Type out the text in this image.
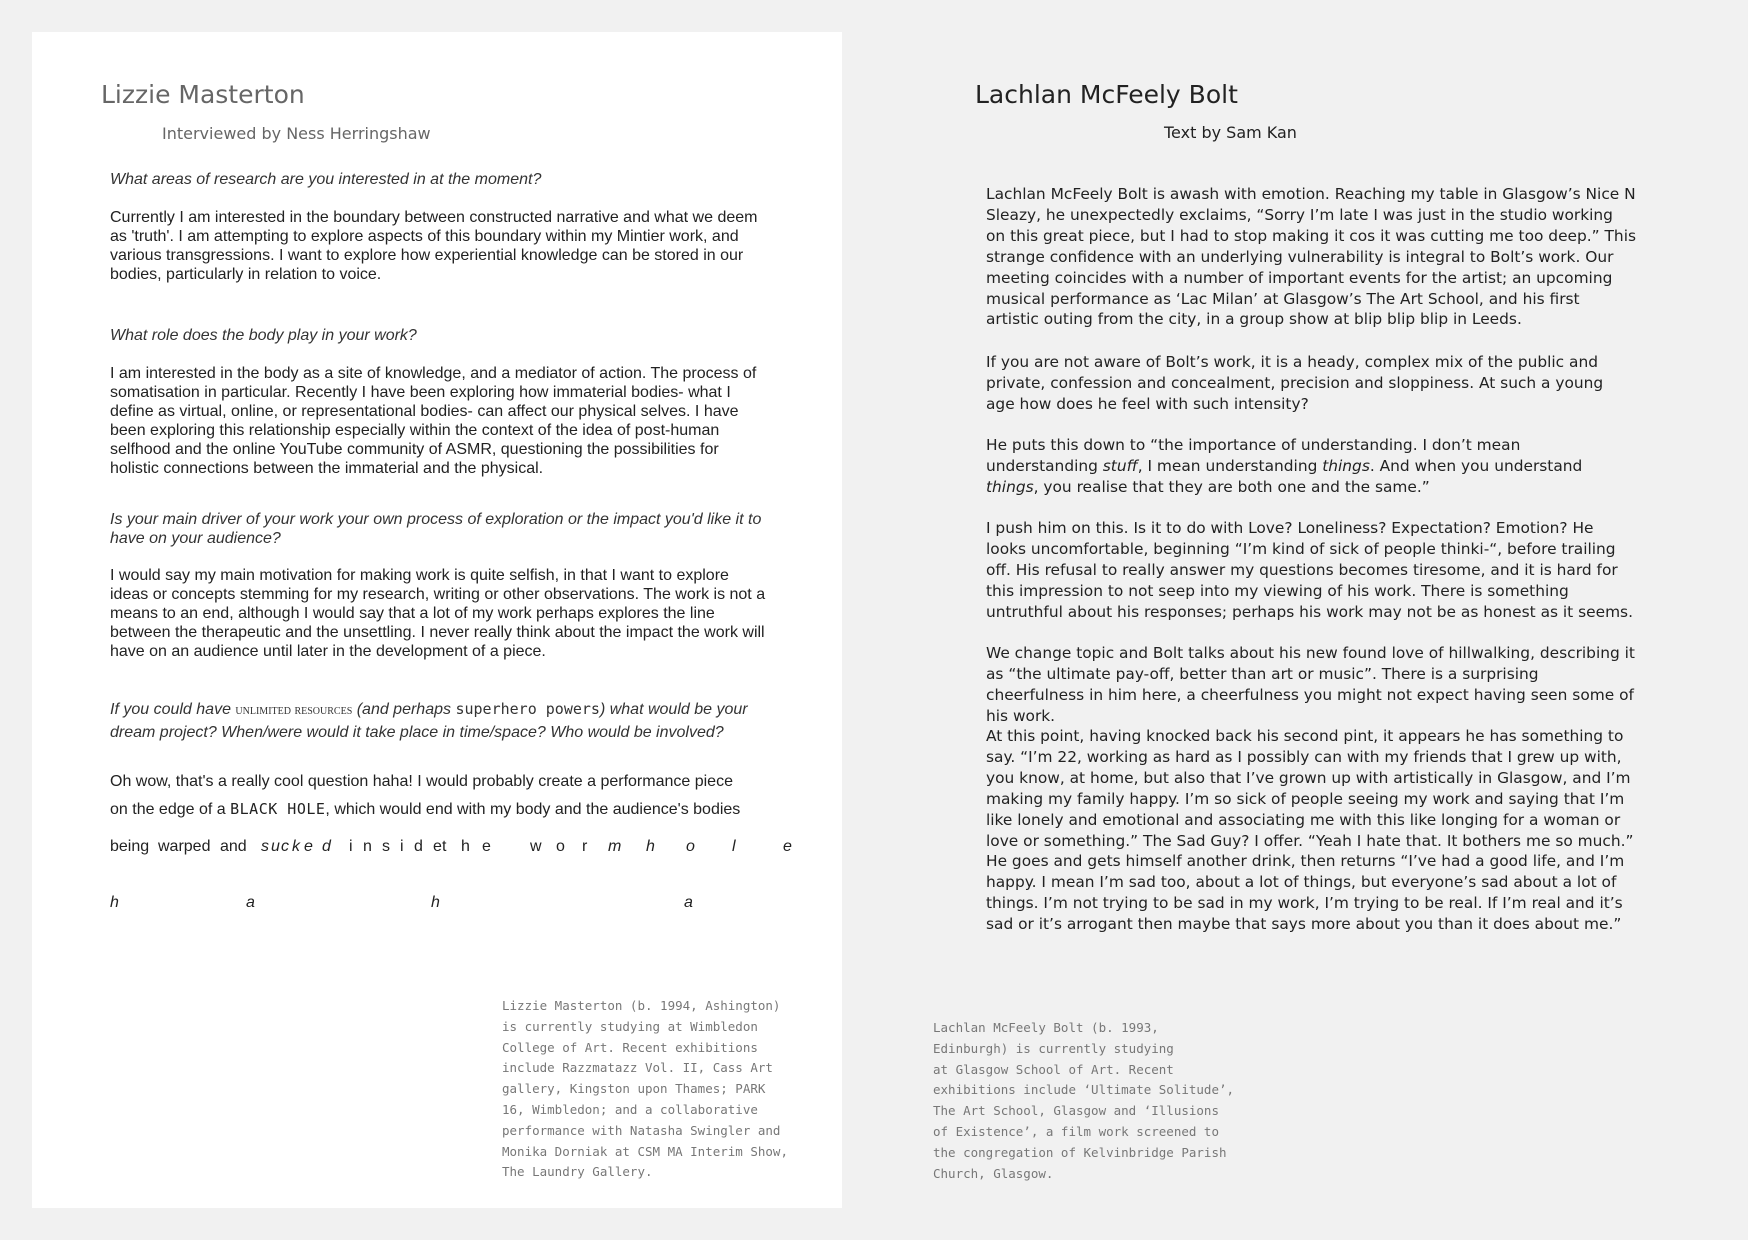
Lizzie Masterton
Interviewed by Ness Herringshaw

What areas of research are you interested in at the moment?

Currently I am interested in the boundary between constructed narrative and what we deem as 'truth'. I am attempting to explore aspects of this boundary within my Mintier work, and various transgressions. I want to explore how experiential knowledge can be stored in our bodies, particularly in relation to voice.

What role does the body play in your work?

I am interested in the body as a site of knowledge, and a mediator of action. The process of somatisation in particular. Recently I have been exploring how immaterial bodies- what I define as virtual, online, or representational bodies- can affect our physical selves. I have been exploring this relationship especially within the context of the idea of post-human selfhood and the online YouTube community of ASMR, questioning the possibilities for holistic connections between the immaterial and the physical.

Is your main driver of your work your own process of exploration or the impact you'd like it to have on your audience?

I would say my main motivation for making work is quite selfish, in that I want to explore ideas or concepts stemming for my research, writing or other observations. The work is not a means to an end, although I would say that a lot of my work perhaps explores the line between the therapeutic and the unsettling. I never really think about the impact the work will have on an audience until later in the development of a piece.

If you could have unlimited resources (and perhaps superhero powers) what would be your
dream project? When/were would it take place in time/space? Who would be involved?
Oh wow, that's a really cool question haha! I would probably create a performance piece
on the edge of a BLACK HOLE, which would end with my body and the audience's bodies
being warped and s u c k e d i n s i d e t h e w o r m h o l	e
h	a	h	a

Lizzie Masterton (b. 1994, Ashington)

is currently studying at Wimbledon

College of Art. Recent exhibitions

include Razzmatazz Vol. II, Cass Art

gallery, Kingston upon Thames; PARK

16, Wimbledon; and a collaborative

performance with Natasha Swingler and

Monika Dorniak at CSM MA Interim Show,

The Laundry Gallery.

Lachlan McFeely Bolt
Text by Sam Kan

Lachlan McFeely Bolt is awash with emotion. Reaching my table in Glasgow’s Nice N Sleazy, he unexpectedly exclaims, “Sorry I’m late I was just in the studio working on this great piece, but I had to stop making it cos it was cutting me too deep.” This strange confidence with an underlying vulnerability is integral to Bolt’s work. Our meeting coincides with a number of important events for the artist; an upcoming musical performance as ‘Lac Milan’ at Glasgow’s The Art School, and his first artistic outing from the city, in a group show at blip blip blip in Leeds.

If you are not aware of Bolt’s work, it is a heady, complex mix of the public and private, confession and concealment, precision and sloppiness. At such a young age how does he feel with such intensity?

He puts this down to “the importance of understanding. I don’t mean understanding stuff, I mean understanding things. And when you understand things, you realise that they are both one and the same.”

I push him on this. Is it to do with Love? Loneliness? Expectation? Emotion? He looks uncomfortable, beginning “I’m kind of sick of people thinki-“, before trailing off. His refusal to really answer my questions becomes tiresome, and it is hard for this impression to not seep into my viewing of his work. There is something untruthful about his responses; perhaps his work may not be as honest as it seems.

We change topic and Bolt talks about his new found love of hillwalking, describing it as “the ultimate pay-off, better than art or music”. There is a surprising cheerfulness in him here, a cheerfulness you might not expect having seen some of his work.

At this point, having knocked back his second pint, it appears he has something to say. “I’m 22, working as hard as I possibly can with my friends that I grew up with, you know, at home, but also that I’ve grown up with artistically in Glasgow, and I’m making my family happy. I’m so sick of people seeing my work and saying that I’m like lonely and emotional and associating me with this like longing for a woman or love or something.” The Sad Guy? I offer. “Yeah I hate that. It bothers me so much.” He goes and gets himself another drink, then returns “I’ve had a good life, and I’m happy. I mean I’m sad too, about a lot of things, but everyone’s sad about a lot of things. I’m not trying to be sad in my work, I’m trying to be real. If I’m real and it’s sad or it’s arrogant then maybe that says more about you than it does about me.”

Lachlan McFeely Bolt (b. 1993,

Edinburgh) is currently studying

at Glasgow School of Art. Recent

exhibitions include ‘Ultimate Solitude’,

The Art School, Glasgow and ‘Illusions

of Existence’, a film work screened to

the congregation of Kelvinbridge Parish

Church, Glasgow.
